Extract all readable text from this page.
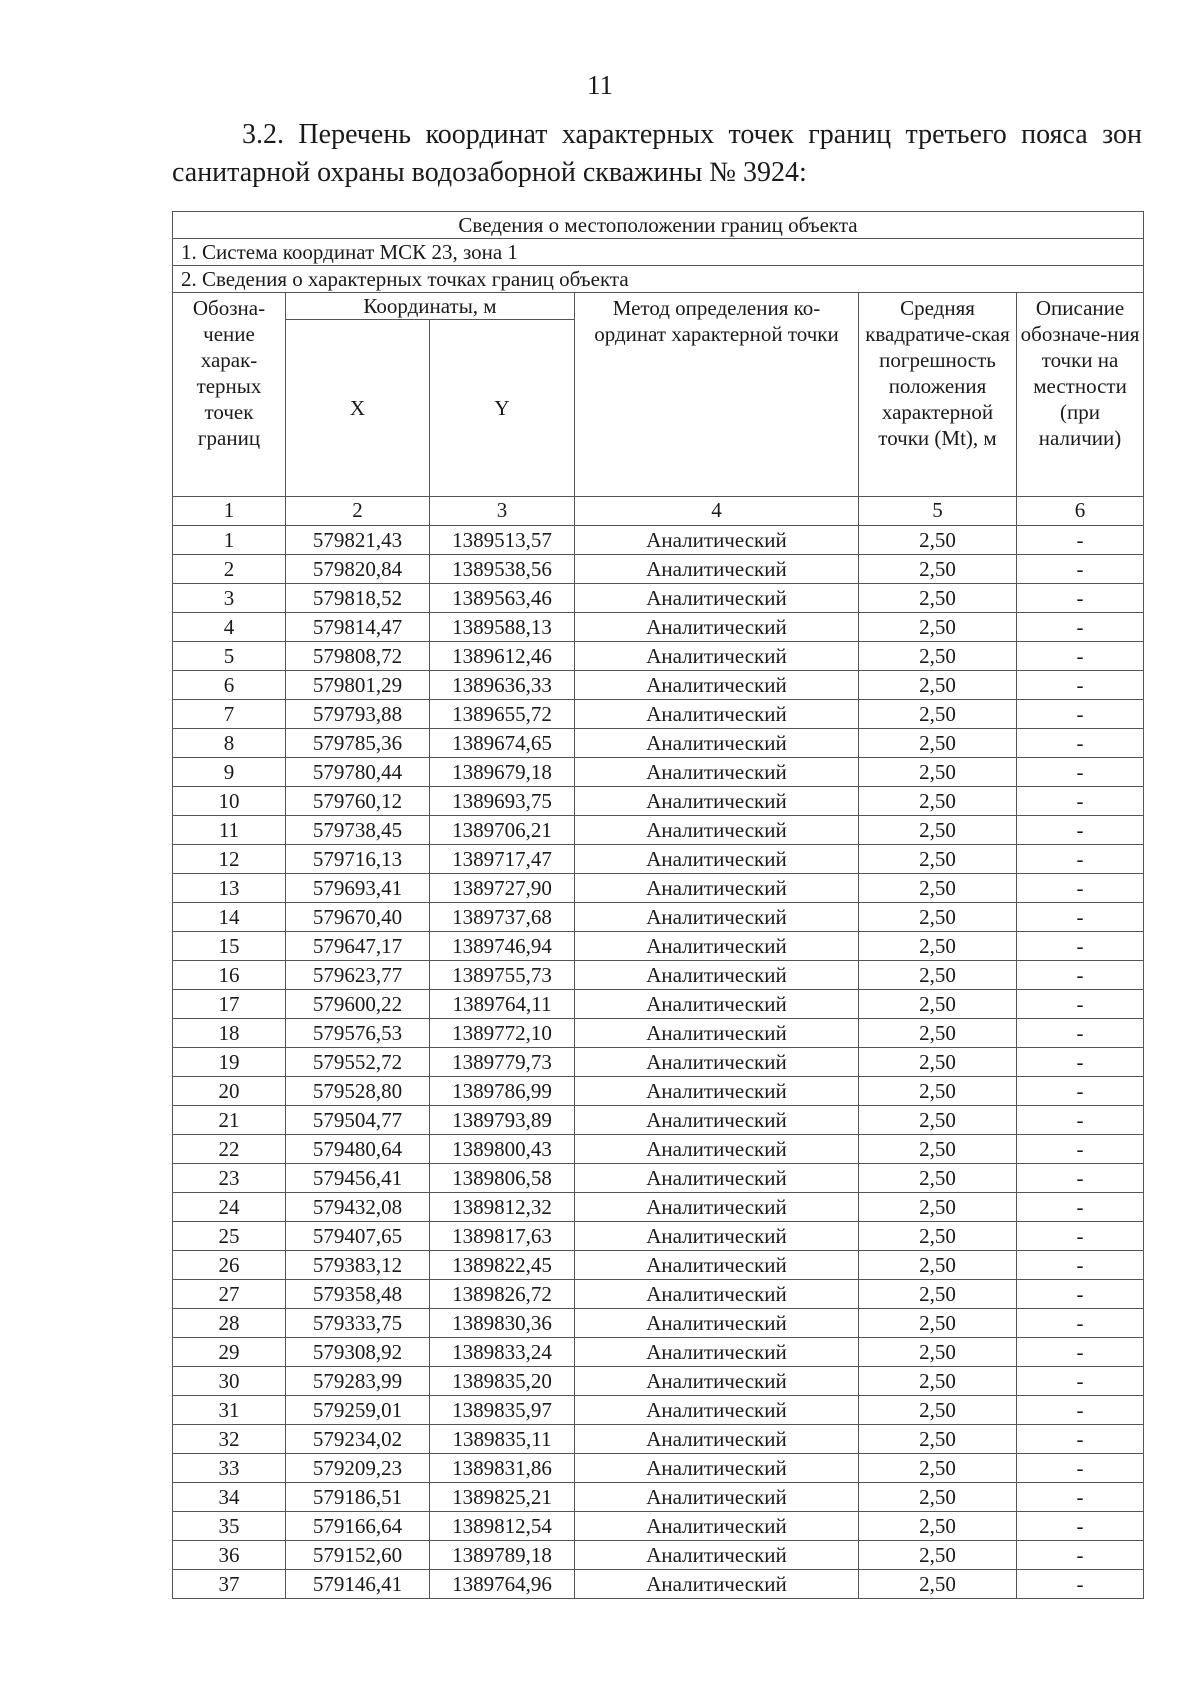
11
3.2. Перечень координат характерных точек границ третьего пояса зон санитарной охраны водозаборной скважины № 3924:
Сведения о местоположении границ объекта					
1. Система координат МСК 23, зона 1					
2. Сведения о характерных точках границ объекта					
Обозна-чение харак-терных точек границ	Координаты, м		Метод определения ко-ординат характерной точки	Средняя квадратиче-ская погрешность положения характерной точки (Mt), м	Описание обозначе-ния точки на местности (при наличии)
	X	Y			
1	2	3	4	5	6
1	579821,43	1389513,57	Аналитический	2,50	-
2	579820,84	1389538,56	Аналитический	2,50	-
3	579818,52	1389563,46	Аналитический	2,50	-
4	579814,47	1389588,13	Аналитический	2,50	-
5	579808,72	1389612,46	Аналитический	2,50	-
6	579801,29	1389636,33	Аналитический	2,50	-
7	579793,88	1389655,72	Аналитический	2,50	-
8	579785,36	1389674,65	Аналитический	2,50	-
9	579780,44	1389679,18	Аналитический	2,50	-
10	579760,12	1389693,75	Аналитический	2,50	-
11	579738,45	1389706,21	Аналитический	2,50	-
12	579716,13	1389717,47	Аналитический	2,50	-
13	579693,41	1389727,90	Аналитический	2,50	-
14	579670,40	1389737,68	Аналитический	2,50	-
15	579647,17	1389746,94	Аналитический	2,50	-
16	579623,77	1389755,73	Аналитический	2,50	-
17	579600,22	1389764,11	Аналитический	2,50	-
18	579576,53	1389772,10	Аналитический	2,50	-
19	579552,72	1389779,73	Аналитический	2,50	-
20	579528,80	1389786,99	Аналитический	2,50	-
21	579504,77	1389793,89	Аналитический	2,50	-
22	579480,64	1389800,43	Аналитический	2,50	-
23	579456,41	1389806,58	Аналитический	2,50	-
24	579432,08	1389812,32	Аналитический	2,50	-
25	579407,65	1389817,63	Аналитический	2,50	-
26	579383,12	1389822,45	Аналитический	2,50	-
27	579358,48	1389826,72	Аналитический	2,50	-
28	579333,75	1389830,36	Аналитический	2,50	-
29	579308,92	1389833,24	Аналитический	2,50	-
30	579283,99	1389835,20	Аналитический	2,50	-
31	579259,01	1389835,97	Аналитический	2,50	-
32	579234,02	1389835,11	Аналитический	2,50	-
33	579209,23	1389831,86	Аналитический	2,50	-
34	579186,51	1389825,21	Аналитический	2,50	-
35	579166,64	1389812,54	Аналитический	2,50	-
36	579152,60	1389789,18	Аналитический	2,50	-
37	579146,41	1389764,96	Аналитический	2,50	-
